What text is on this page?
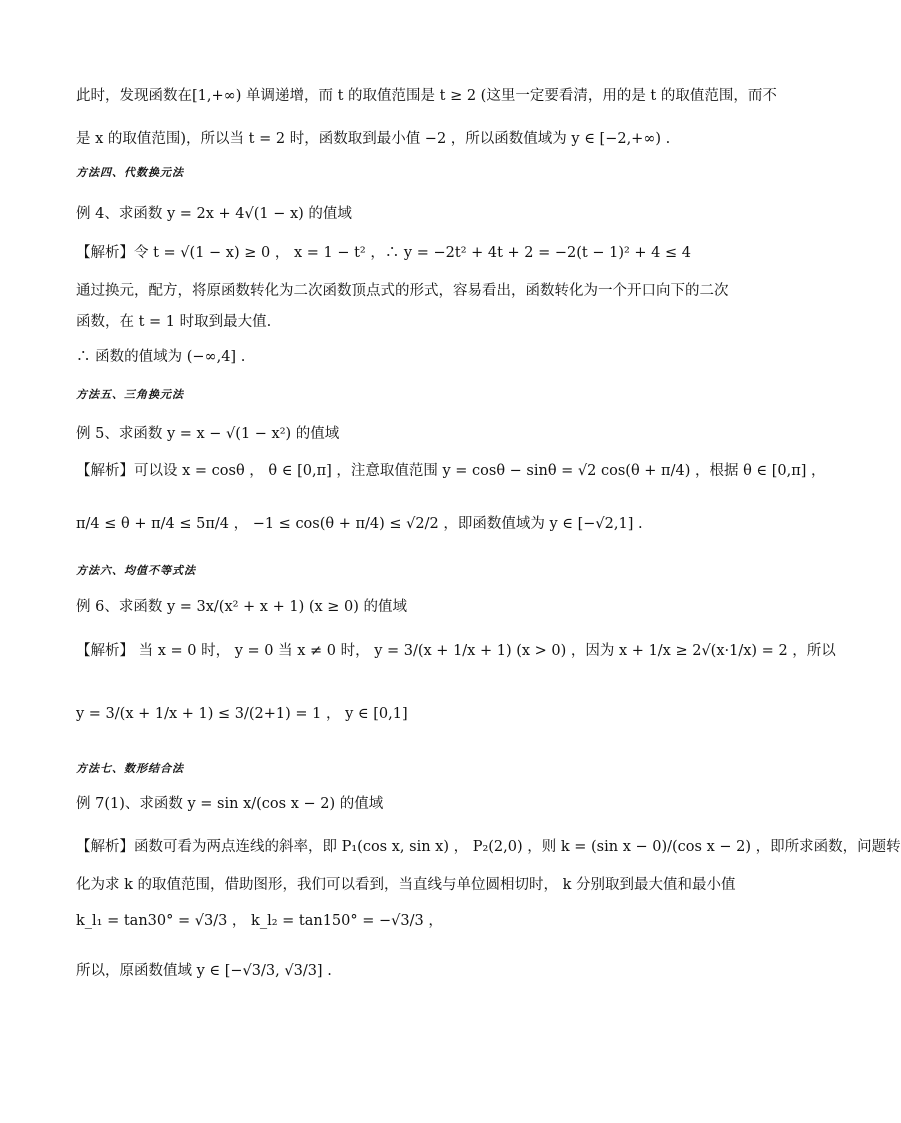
此时，发现函数在[1,+∞) 单调递增，而 t 的取值范围是 t ≥ 2 (这里一定要看清，用的是 t 的取值范围，而不
是 x 的取值范围)，所以当 t = 2 时，函数取到最小值 −2 ，所以函数值域为 y ∈ [−2,+∞) .
方法四、代数换元法
例 4、求函数 y = 2x + 4√(1 − x) 的值域
【解析】令 t = √(1 − x) ≥ 0 ， x = 1 − t² ，∴ y = −2t² + 4t + 2 = −2(t − 1)² + 4 ≤ 4
通过换元，配方，将原函数转化为二次函数顶点式的形式，容易看出，函数转化为一个开口向下的二次
函数，在 t = 1 时取到最大值.
∴ 函数的值域为 (−∞,4] .
方法五、三角换元法
例 5、求函数 y = x − √(1 − x²) 的值域
【解析】可以设 x = cosθ ， θ ∈ [0,π] ，注意取值范围 y = cosθ − sinθ = √2 cos(θ + π/4) ，根据 θ ∈ [0,π] ，
π/4 ≤ θ + π/4 ≤ 5π/4 ， −1 ≤ cos(θ + π/4) ≤ √2/2 ，即函数值域为 y ∈ [−√2,1] .
方法六、均值不等式法
例 6、求函数 y = 3x/(x² + x + 1) (x ≥ 0) 的值域
【解析】 当 x = 0 时， y = 0 当 x ≠ 0 时， y = 3/(x + 1/x + 1) (x > 0) ，因为 x + 1/x ≥ 2√(x·1/x) = 2 ，所以
y = 3/(x + 1/x + 1) ≤ 3/(2+1) = 1 ， y ∈ [0,1]
方法七、数形结合法
例 7(1)、求函数 y = sin x/(cos x − 2) 的值域
【解析】函数可看为两点连线的斜率，即 P₁(cos x, sin x) ， P₂(2,0) ，则 k = (sin x − 0)/(cos x − 2) ，即所求函数，问题转
化为求 k 的取值范围，借助图形，我们可以看到，当直线与单位圆相切时， k 分别取到最大值和最小值
k_l₁ = tan30° = √3/3 ， k_l₂ = tan150° = −√3/3 ，
所以，原函数值域 y ∈ [−√3/3, √3/3] .
